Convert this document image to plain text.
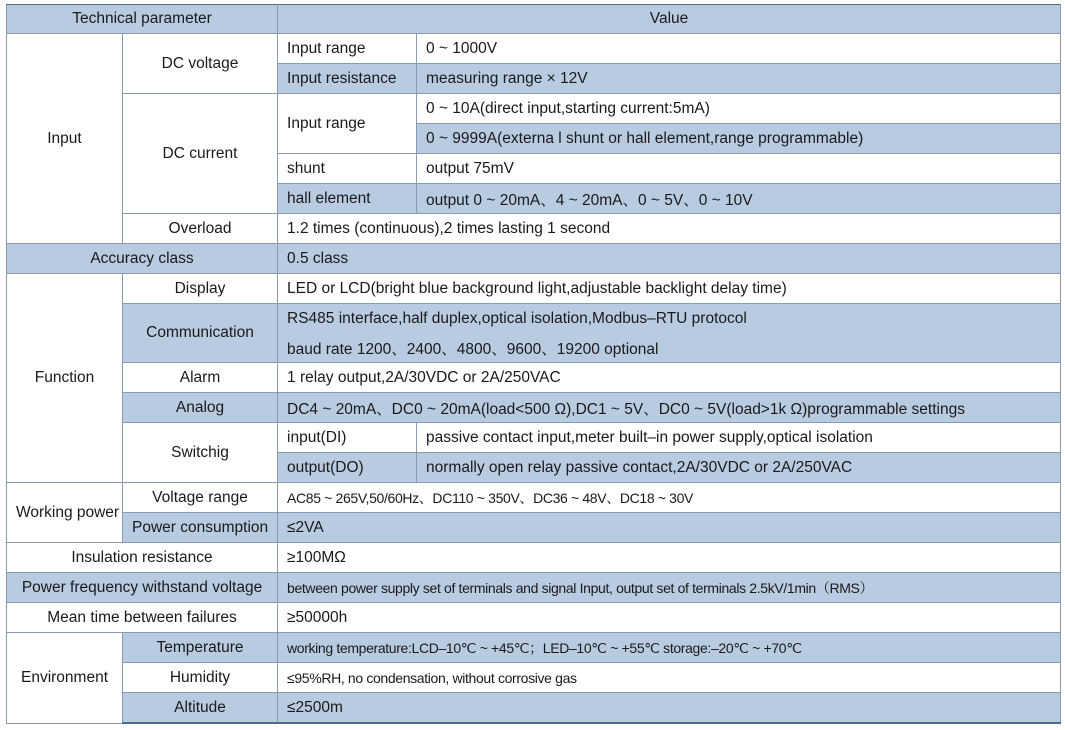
Technical parameter		Value	
Input	DC voltage	Input range	0 ~ 1000V
		Input resistance	measuring range × 12V
	DC current	Input range	0 ~ 10A(direct input,starting current:5mA)
			0 ~ 9999A(externa l shunt or hall element,range programmable)
		shunt	output 75mV
		hall element	output 0 ~ 20mA、4 ~ 20mA、0 ~ 5V、0 ~ 10V
	Overload	1.2 times (continuous),2 times lasting 1 second	
Accuracy class		0.5 class	
Function	Display	LED or LCD(bright blue background light,adjustable backlight delay time)	
	Communication	RS485 interface,half duplex,optical isolation,Modbus–RTU protocol	
		baud rate 1200、2400、4800、9600、19200 optional	
	Alarm	1 relay output,2A/30VDC or 2A/250VAC	
	Analog	DC4 ~ 20mA、DC0 ~ 20mA(load<500 Ω),DC1 ~ 5V、DC0 ~ 5V(load>1k Ω)programmable settings	
	Switchig	input(DI)	passive contact input,meter built–in power supply,optical isolation
		output(DO)	normally open relay passive contact,2A/30VDC or 2A/250VAC
Working power	Voltage range	AC85 ~ 265V,50/60Hz、DC110 ~ 350V、DC36 ~ 48V、DC18 ~ 30V	
	Power consumption	≤2VA	
Insulation resistance		≥100MΩ	
Power frequency withstand voltage		between power supply set of terminals and signal Input, output set of terminals 2.5kV/1min（RMS）	
Mean time between failures		≥50000h	
Environment	Temperature	working temperature:LCD–10℃ ~ +45℃；LED–10℃ ~ +55℃ storage:–20℃ ~ +70℃	
	Humidity	≤95%RH, no condensation, without corrosive gas	
	Altitude	≤2500m	
